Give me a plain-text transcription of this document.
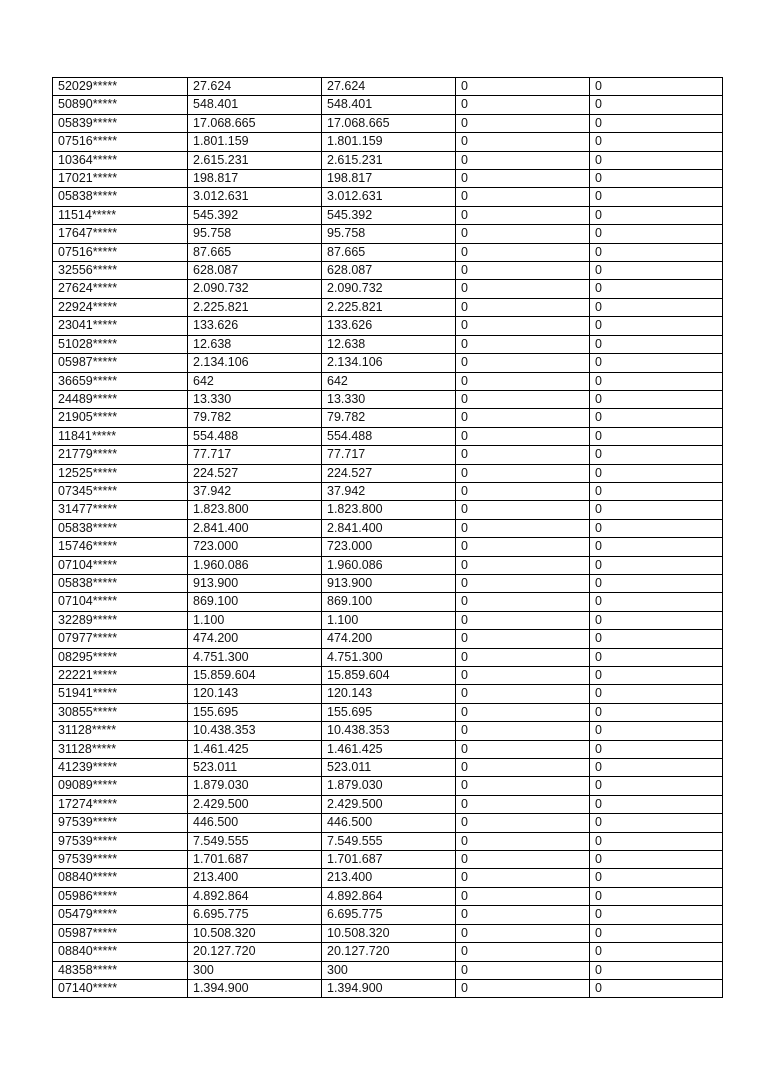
52029*****	27.624	27.624	0	0
50890*****	548.401	548.401	0	0
05839*****	17.068.665	17.068.665	0	0
07516*****	1.801.159	1.801.159	0	0
10364*****	2.615.231	2.615.231	0	0
17021*****	198.817	198.817	0	0
05838*****	3.012.631	3.012.631	0	0
11514*****	545.392	545.392	0	0
17647*****	95.758	95.758	0	0
07516*****	87.665	87.665	0	0
32556*****	628.087	628.087	0	0
27624*****	2.090.732	2.090.732	0	0
22924*****	2.225.821	2.225.821	0	0
23041*****	133.626	133.626	0	0
51028*****	12.638	12.638	0	0
05987*****	2.134.106	2.134.106	0	0
36659*****	642	642	0	0
24489*****	13.330	13.330	0	0
21905*****	79.782	79.782	0	0
11841*****	554.488	554.488	0	0
21779*****	77.717	77.717	0	0
12525*****	224.527	224.527	0	0
07345*****	37.942	37.942	0	0
31477*****	1.823.800	1.823.800	0	0
05838*****	2.841.400	2.841.400	0	0
15746*****	723.000	723.000	0	0
07104*****	1.960.086	1.960.086	0	0
05838*****	913.900	913.900	0	0
07104*****	869.100	869.100	0	0
32289*****	1.100	1.100	0	0
07977*****	474.200	474.200	0	0
08295*****	4.751.300	4.751.300	0	0
22221*****	15.859.604	15.859.604	0	0
51941*****	120.143	120.143	0	0
30855*****	155.695	155.695	0	0
31128*****	10.438.353	10.438.353	0	0
31128*****	1.461.425	1.461.425	0	0
41239*****	523.011	523.011	0	0
09089*****	1.879.030	1.879.030	0	0
17274*****	2.429.500	2.429.500	0	0
97539*****	446.500	446.500	0	0
97539*****	7.549.555	7.549.555	0	0
97539*****	1.701.687	1.701.687	0	0
08840*****	213.400	213.400	0	0
05986*****	4.892.864	4.892.864	0	0
05479*****	6.695.775	6.695.775	0	0
05987*****	10.508.320	10.508.320	0	0
08840*****	20.127.720	20.127.720	0	0
48358*****	300	300	0	0
07140*****	1.394.900	1.394.900	0	0
